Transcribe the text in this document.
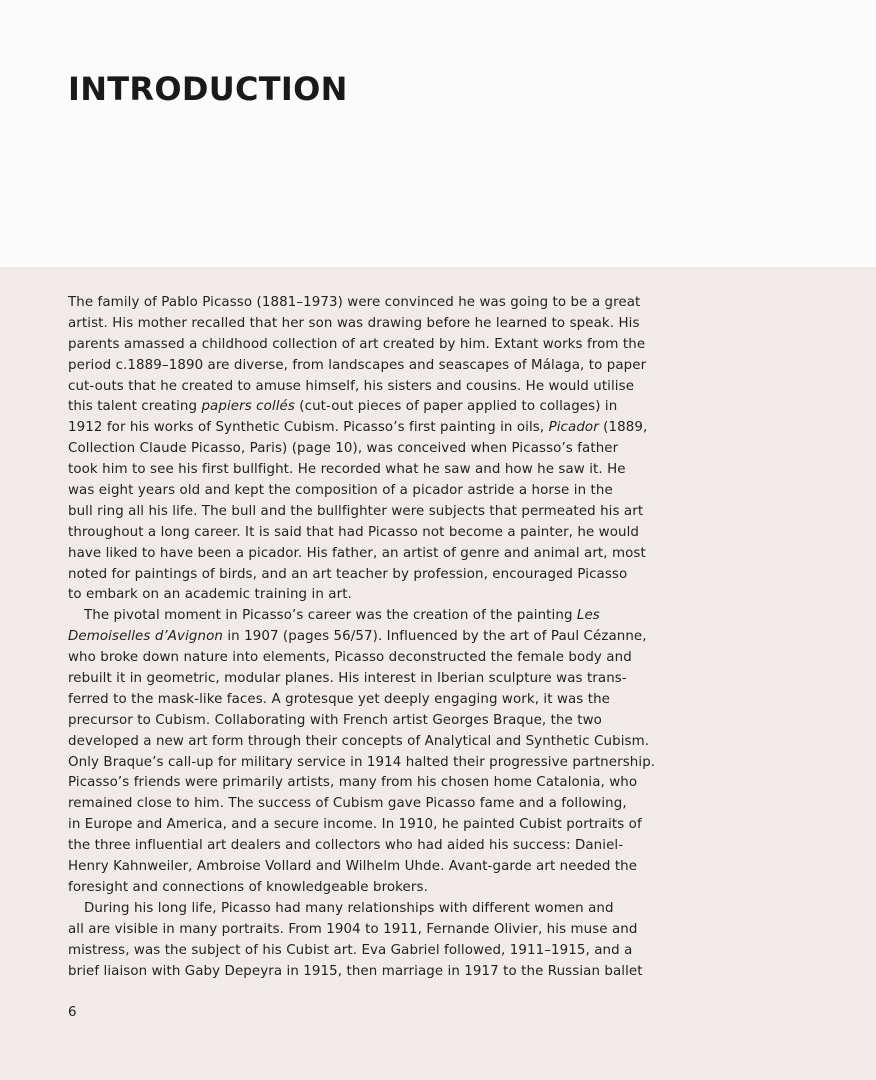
INTRODUCTION
The family of Pablo Picasso (1881–1973) were convinced he was going to be a great
artist. His mother recalled that her son was drawing before he learned to speak. His
parents amassed a childhood collection of art created by him. Extant works from the
period c.1889–1890 are diverse, from landscapes and seascapes of Málaga, to paper
cut-outs that he created to amuse himself, his sisters and cousins. He would utilise
this talent creating papiers collés (cut-out pieces of paper applied to collages) in
1912 for his works of Synthetic Cubism. Picasso’s first painting in oils, Picador (1889,
Collection Claude Picasso, Paris) (page 10), was conceived when Picasso’s father
took him to see his first bullfight. He recorded what he saw and how he saw it. He
was eight years old and kept the composition of a picador astride a horse in the
bull ring all his life. The bull and the bullfighter were subjects that permeated his art
throughout a long career. It is said that had Picasso not become a painter, he would
have liked to have been a picador. His father, an artist of genre and animal art, most
noted for paintings of birds, and an art teacher by profession, encouraged Picasso
to embark on an academic training in art.
The pivotal moment in Picasso’s career was the creation of the painting Les
Demoiselles d’Avignon in 1907 (pages 56/57). Influenced by the art of Paul Cézanne,
who broke down nature into elements, Picasso deconstructed the female body and
rebuilt it in geometric, modular planes. His interest in Iberian sculpture was trans-
ferred to the mask-like faces. A grotesque yet deeply engaging work, it was the
precursor to Cubism. Collaborating with French artist Georges Braque, the two
developed a new art form through their concepts of Analytical and Synthetic Cubism.
Only Braque’s call-up for military service in 1914 halted their progressive partnership.
Picasso’s friends were primarily artists, many from his chosen home Catalonia, who
remained close to him. The success of Cubism gave Picasso fame and a following,
in Europe and America, and a secure income. In 1910, he painted Cubist portraits of
the three influential art dealers and collectors who had aided his success: Daniel-
Henry Kahnweiler, Ambroise Vollard and Wilhelm Uhde. Avant-garde art needed the
foresight and connections of knowledgeable brokers.
During his long life, Picasso had many relationships with different women and
all are visible in many portraits. From 1904 to 1911, Fernande Olivier, his muse and
mistress, was the subject of his Cubist art. Eva Gabriel followed, 1911–1915, and a
brief liaison with Gaby Depeyra in 1915, then marriage in 1917 to the Russian ballet
6
